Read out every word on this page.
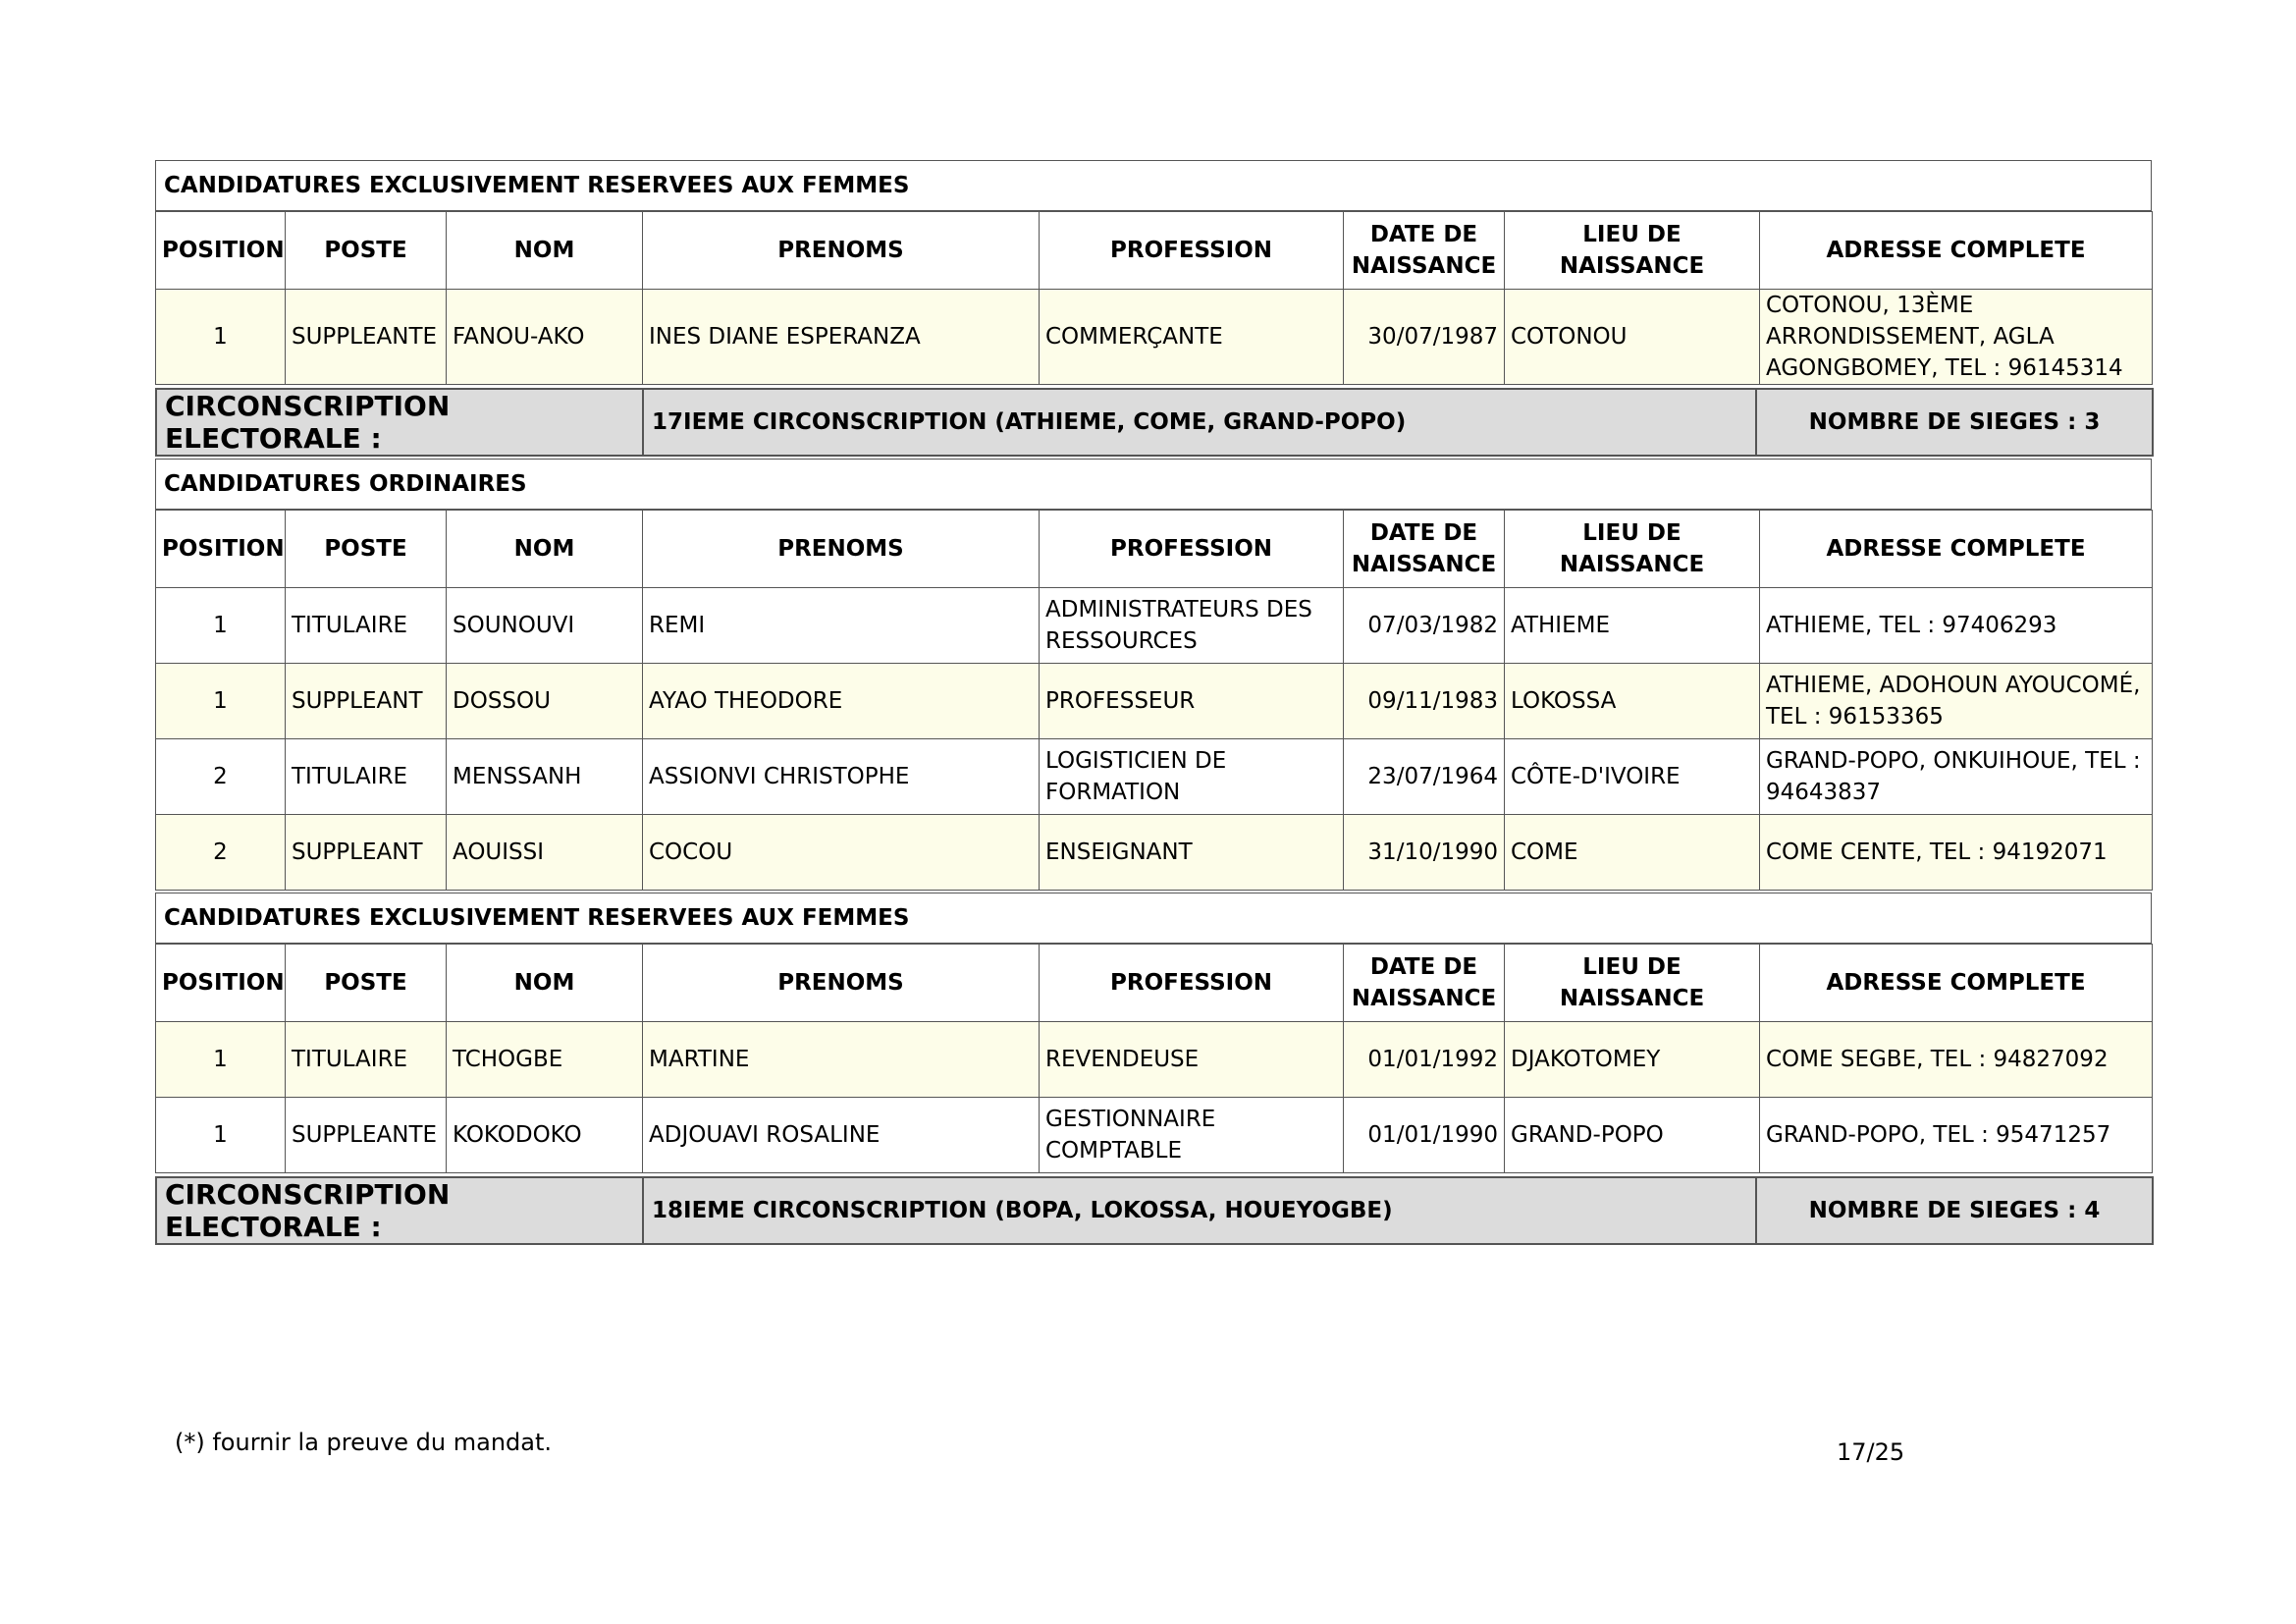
CANDIDATURES EXCLUSIVEMENT RESERVEES AUX FEMMES
POSITION	POSTE	NOM	PRENOMS	PROFESSION	DATE DE NAISSANCE	LIEU DE NAISSANCE	ADRESSE COMPLETE
1	SUPPLEANTE	FANOU-AKO	INES DIANE ESPERANZA	COMMERÇANTE	30/07/1987	COTONOU	COTONOU, 13ÈME ARRONDISSEMENT, AGLA AGONGBOMEY, TEL : 96145314
CIRCONSCRIPTION ELECTORALE :	17IEME CIRCONSCRIPTION (ATHIEME, COME, GRAND-POPO)	NOMBRE DE SIEGES : 3
CANDIDATURES ORDINAIRES
POSITION	POSTE	NOM	PRENOMS	PROFESSION	DATE DE NAISSANCE	LIEU DE NAISSANCE	ADRESSE COMPLETE
1	TITULAIRE	SOUNOUVI	REMI	ADMINISTRATEURS DES RESSOURCES	07/03/1982	ATHIEME	ATHIEME, TEL : 97406293
1	SUPPLEANT	DOSSOU	AYAO THEODORE	PROFESSEUR	09/11/1983	LOKOSSA	ATHIEME, ADOHOUN AYOUCOMÉ, TEL : 96153365
2	TITULAIRE	MENSSANH	ASSIONVI CHRISTOPHE	LOGISTICIEN DE FORMATION	23/07/1964	CÔTE-D'IVOIRE	GRAND-POPO, ONKUIHOUE, TEL : 94643837
2	SUPPLEANT	AOUISSI	COCOU	ENSEIGNANT	31/10/1990	COME	COME CENTE, TEL : 94192071
CANDIDATURES EXCLUSIVEMENT RESERVEES AUX FEMMES
POSITION	POSTE	NOM	PRENOMS	PROFESSION	DATE DE NAISSANCE	LIEU DE NAISSANCE	ADRESSE COMPLETE
1	TITULAIRE	TCHOGBE	MARTINE	REVENDEUSE	01/01/1992	DJAKOTOMEY	COME SEGBE, TEL : 94827092
1	SUPPLEANTE	KOKODOKO	ADJOUAVI ROSALINE	GESTIONNAIRE COMPTABLE	01/01/1990	GRAND-POPO	GRAND-POPO, TEL : 95471257
CIRCONSCRIPTION ELECTORALE :	18IEME CIRCONSCRIPTION (BOPA, LOKOSSA, HOUEYOGBE)	NOMBRE DE SIEGES : 4
(*) fournir la preuve du mandat.	17/25
